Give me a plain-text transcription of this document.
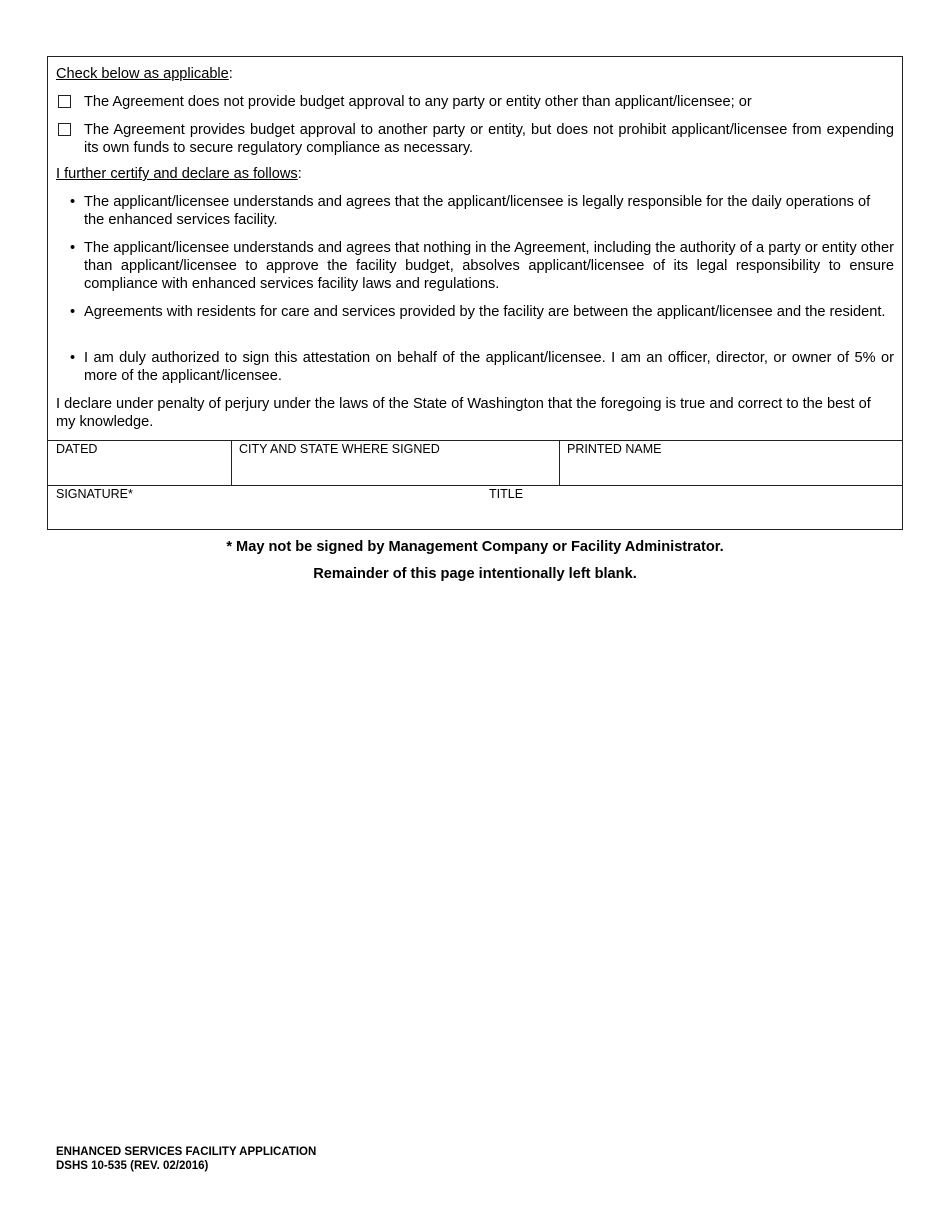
Check below as applicable:
The Agreement does not provide budget approval to any party or entity other than applicant/licensee; or
The Agreement provides budget approval to another party or entity, but does not prohibit applicant/licensee from expending its own funds to secure regulatory compliance as necessary.
I further certify and declare as follows:
• The applicant/licensee understands and agrees that the applicant/licensee is legally responsible for the daily operations of the enhanced services facility.
• The applicant/licensee understands and agrees that nothing in the Agreement, including the authority of a party or entity other than applicant/licensee to approve the facility budget, absolves applicant/licensee of its legal responsibility to ensure compliance with enhanced services facility laws and regulations.
• Agreements with residents for care and services provided by the facility are between the applicant/licensee and the resident.
• I am duly authorized to sign this attestation on behalf of the applicant/licensee. I am an officer, director, or owner of 5% or more of the applicant/licensee.
I declare under penalty of perjury under the laws of the State of Washington that the foregoing is true and correct to the best of my knowledge.
DATED	CITY AND STATE WHERE SIGNED	PRINTED NAME
SIGNATURE*	TITLE
* May not be signed by Management Company or Facility Administrator.
Remainder of this page intentionally left blank.
ENHANCED SERVICES FACILITY APPLICATION
DSHS 10-535 (REV. 02/2016)
